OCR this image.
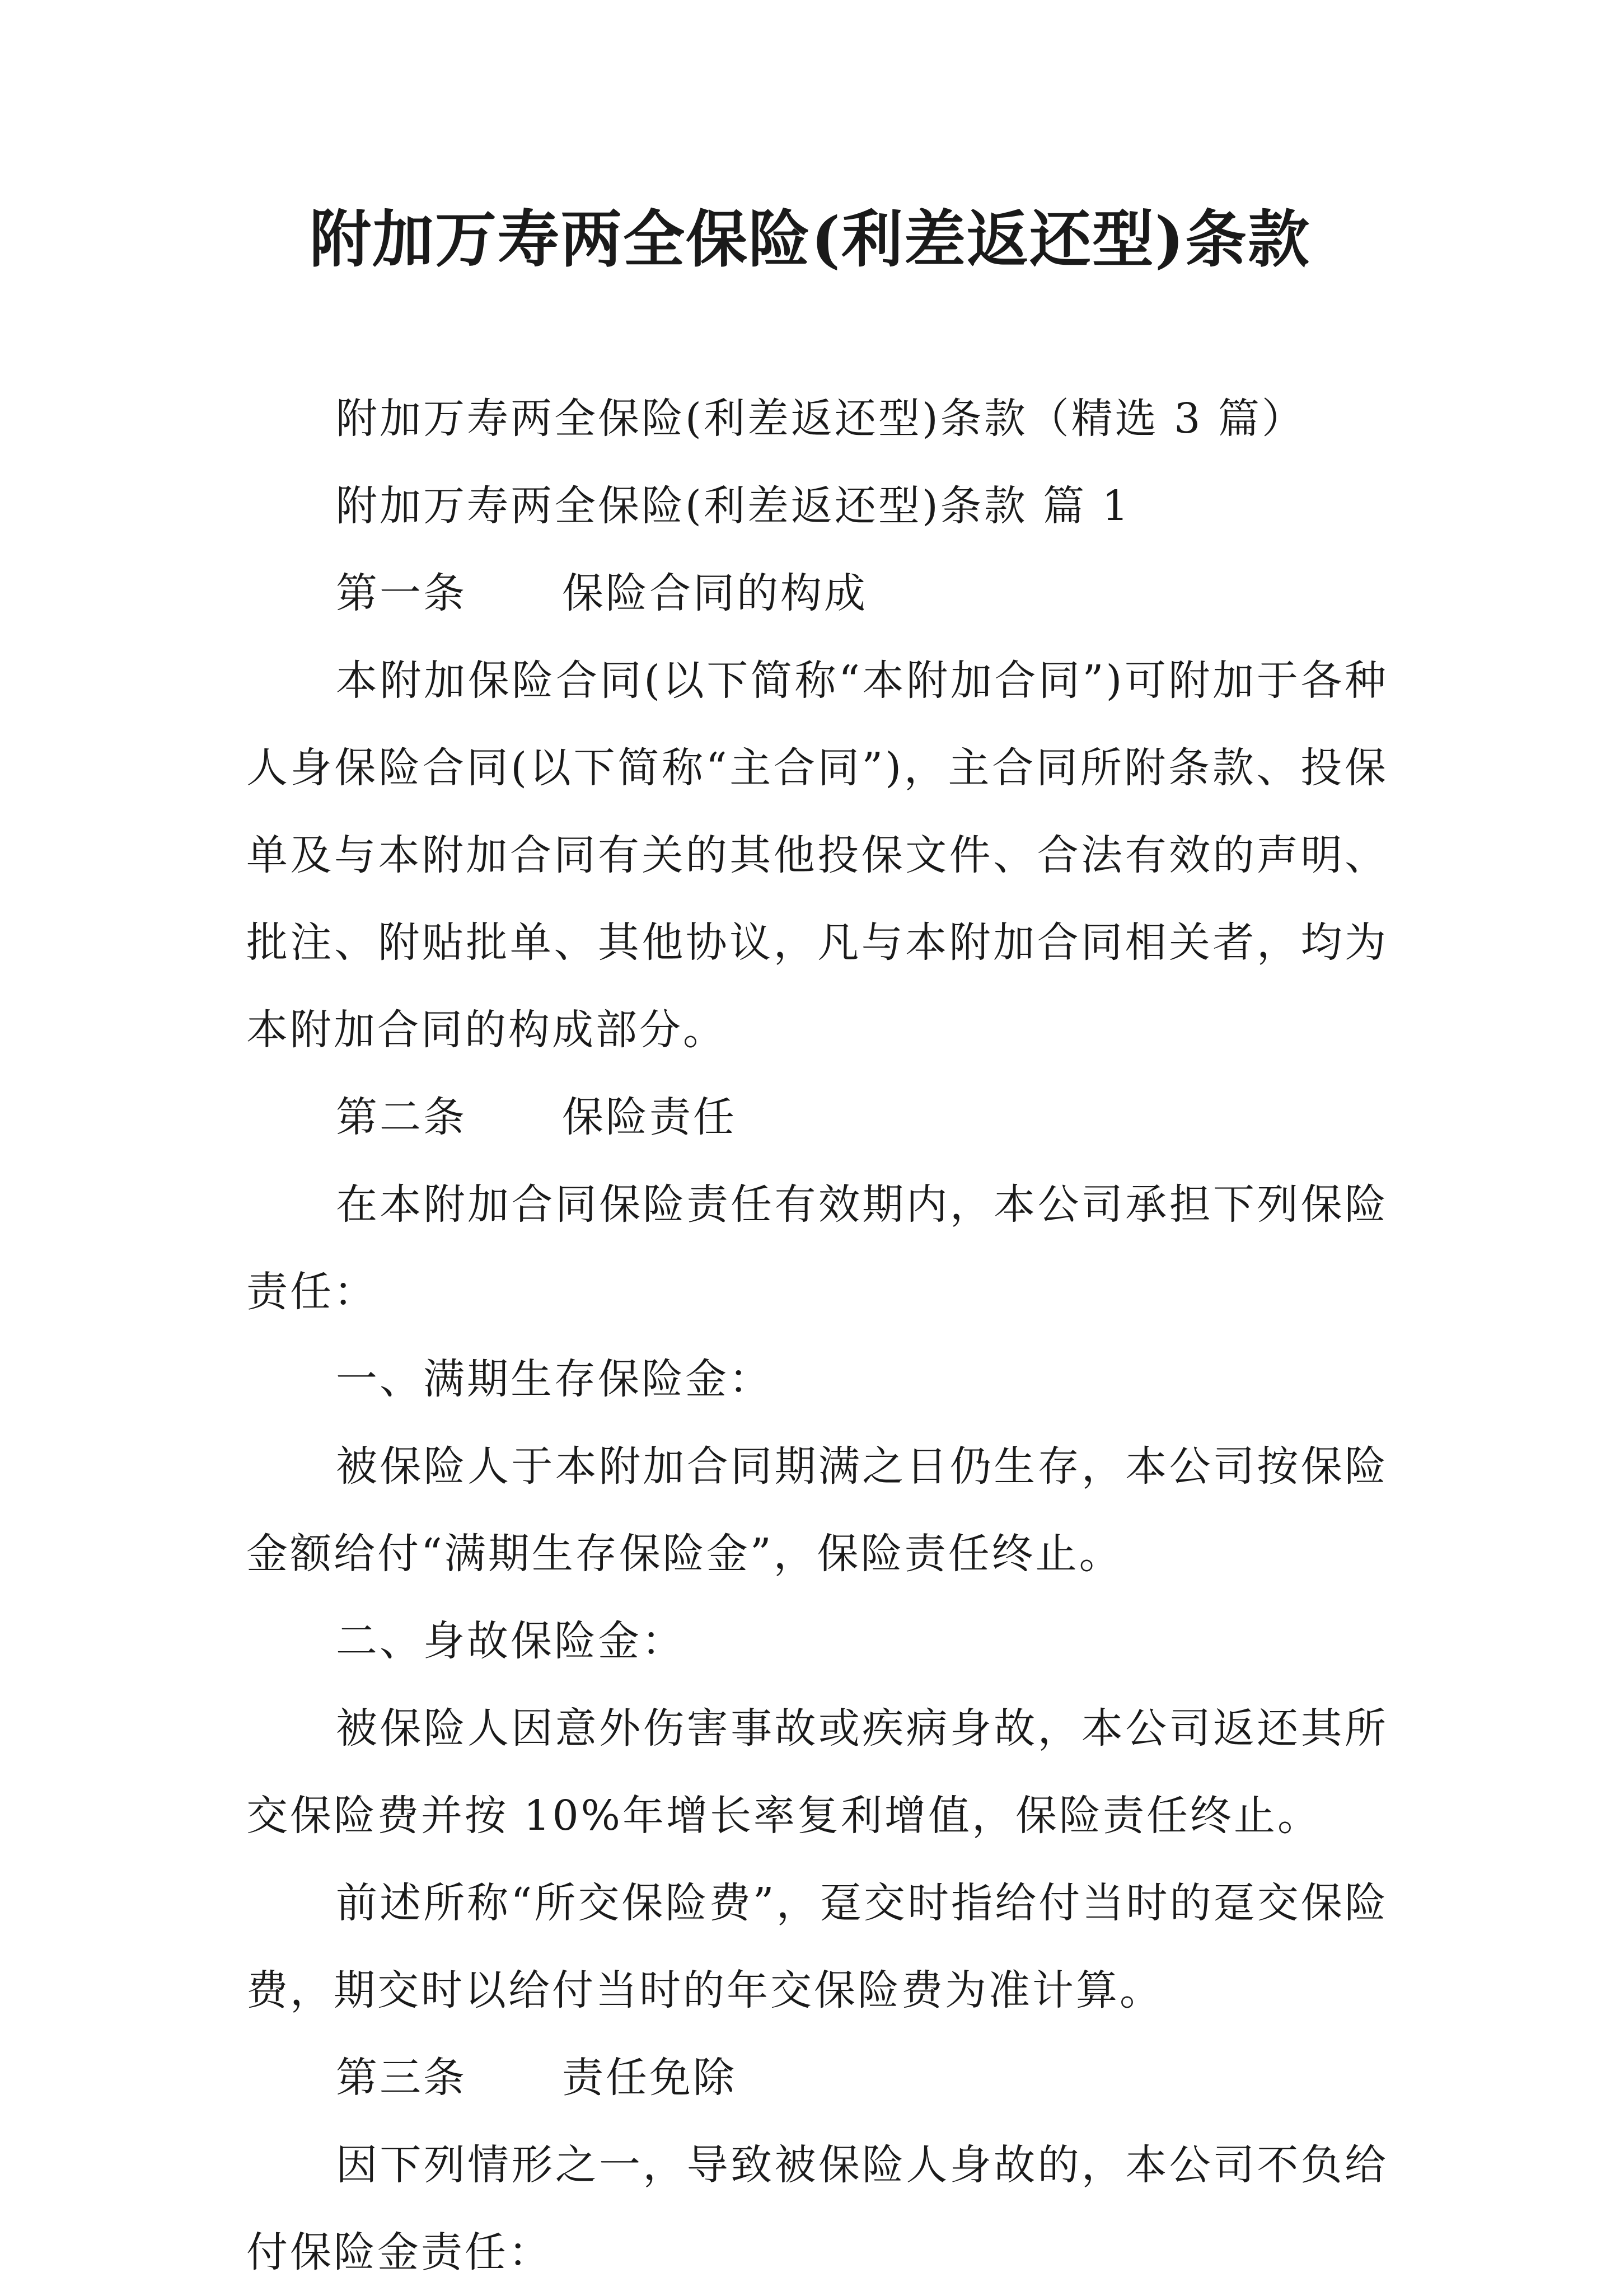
附加万寿两全保险(利差返还型)条款

附加万寿两全保险(利差返还型)条款（精选 3 篇）

附加万寿两全保险(利差返还型)条款 篇 1

第一条 保险合同的构成

本附加保险合同(以下简称“本附加合同”)可附加于各种人身保险合同(以下简称“主合同”)，主合同所附条款、投保单及与本附加合同有关的其他投保文件、合法有效的声明、批注、附贴批单、其他协议，凡与本附加合同相关者，均为本附加合同的构成部分。

第二条 保险责任

在本附加合同保险责任有效期内，本公司承担下列保险责任：

一、满期生存保险金：

被保险人于本附加合同期满之日仍生存，本公司按保险金额给付“满期生存保险金”，保险责任终止。

二、身故保险金：

被保险人因意外伤害事故或疾病身故，本公司返还其所交保险费并按 10%年增长率复利增值，保险责任终止。

前述所称“所交保险费”，趸交时指给付当时的趸交保险费，期交时以给付当时的年交保险费为准计算。

第三条 责任免除

因下列情形之一，导致被保险人身故的，本公司不负给付保险金责任：
